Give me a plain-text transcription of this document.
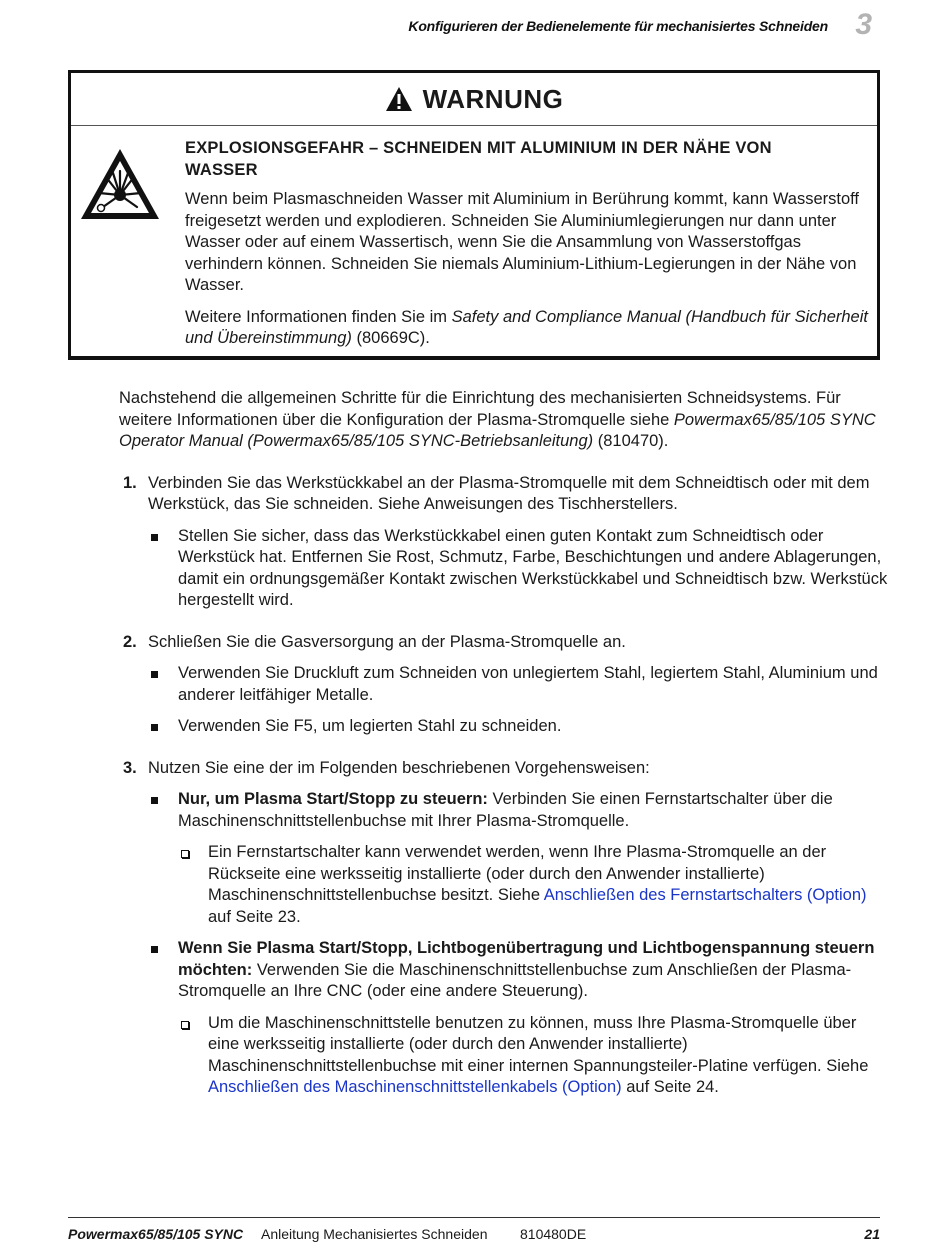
Konfigurieren der Bedienelemente für mechanisiertes Schneiden 3
WARNUNG

EXPLOSIONSGEFAHR – SCHNEIDEN MIT ALUMINIUM IN DER NÄHE VON WASSER

Wenn beim Plasmaschneiden Wasser mit Aluminium in Berührung kommt, kann Wasserstoff freigesetzt werden und explodieren. Schneiden Sie Aluminiumlegierungen nur dann unter Wasser oder auf einem Wassertisch, wenn Sie die Ansammlung von Wasserstoffgas verhindern können. Schneiden Sie niemals Aluminium-Lithium-Legierungen in der Nähe von Wasser.

Weitere Informationen finden Sie im Safety and Compliance Manual (Handbuch für Sicherheit und Übereinstimmung) (80669C).

Nachstehend die allgemeinen Schritte für die Einrichtung des mechanisierten Schneidsystems. Für weitere Informationen über die Konfiguration der Plasma-Stromquelle siehe Powermax65/85/105 SYNC Operator Manual (Powermax65/85/105 SYNC-Betriebsanleitung) (810470).

1. Verbinden Sie das Werkstückkabel an der Plasma-Stromquelle mit dem Schneidtisch oder mit dem Werkstück, das Sie schneiden. Siehe Anweisungen des Tischherstellers.
Stellen Sie sicher, dass das Werkstückkabel einen guten Kontakt zum Schneidtisch oder Werkstück hat. Entfernen Sie Rost, Schmutz, Farbe, Beschichtungen und andere Ablagerungen, damit ein ordnungsgemäßer Kontakt zwischen Werkstückkabel und Schneidtisch bzw. Werkstück hergestellt wird.
2. Schließen Sie die Gasversorgung an der Plasma-Stromquelle an.
Verwenden Sie Druckluft zum Schneiden von unlegiertem Stahl, legiertem Stahl, Aluminium und anderer leitfähiger Metalle.
Verwenden Sie F5, um legierten Stahl zu schneiden.
3. Nutzen Sie eine der im Folgenden beschriebenen Vorgehensweisen:
Nur, um Plasma Start/Stopp zu steuern: Verbinden Sie einen Fernstartschalter über die Maschinenschnittstellenbuchse mit Ihrer Plasma-Stromquelle.
Ein Fernstartschalter kann verwendet werden, wenn Ihre Plasma-Stromquelle an der Rückseite eine werksseitig installierte (oder durch den Anwender installierte) Maschinenschnittstellenbuchse besitzt. Siehe Anschließen des Fernstartschalters (Option) auf Seite 23.
Wenn Sie Plasma Start/Stopp, Lichtbogenübertragung und Lichtbogenspannung steuern möchten: Verwenden Sie die Maschinenschnittstellenbuchse zum Anschließen der Plasma-Stromquelle an Ihre CNC (oder eine andere Steuerung).
Um die Maschinenschnittstelle benutzen zu können, muss Ihre Plasma-Stromquelle über eine werksseitig installierte (oder durch den Anwender installierte) Maschinenschnittstellenbuchse mit einer internen Spannungsteiler-Platine verfügen. Siehe Anschließen des Maschinenschnittstellenkabels (Option) auf Seite 24.
Powermax65/85/105 SYNC Anleitung Mechanisiertes Schneiden 810480DE	21
